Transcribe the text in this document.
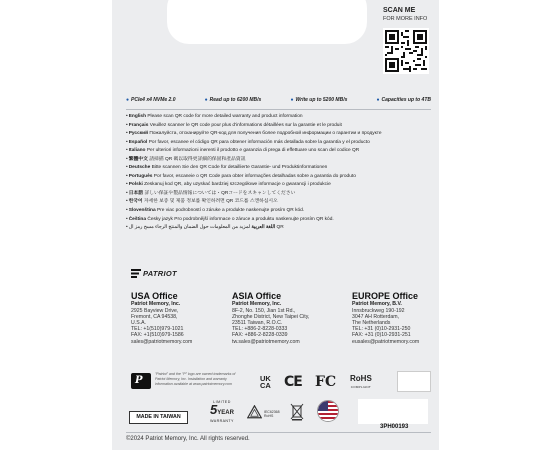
SCAN ME
FOR MORE INFO
● PCIe4 x4 NVMe 2.0	● Read up to 6200 MB/s	● Write up to 5200 MB/s	● Capacities up to 4TB
•English Please scan QR code for more detailed warranty and product information
•Français Veuillez scanner le QR code pour plus d'informations détaillées sur la garantie et le produit
•Русский Пожалуйста, отсканируйте QR-код для получения более подробной информации о гарантии и продукте
•Español Por favor, escanee el código QR para obtener información más detallada sobre la garantía y el producto
•Italiano Per ulteriori informazioni inerenti il prodotto e garanzia di prega di effettuare uno scan del codice QR
•繁體中文 請掃描 QR 碼以取得更詳細的保固和產品資訊
•Deutsche Bitte scannen Sie den QR Code für detaillierte Garantie- und Produktinformationen
•Português Por favor, escaneie o QR Code para obter informações detalhadas sobre a garantia do produto
•Polski Zeskanuj kod QR, aby uzyskać bardziej szczegółowe informacje o gwarancji i produkcie
•日本語 詳しい保証や製品情報については・QRコードをスキャンしてください
•한국어 자세한 보증 및 제품 정보를 확인하려면 QR 코드를 스캔하십시오
•Slovenština Pre viac podrobností o záruke a produkte naskenujte prosím QR kód.
•Čeština Česky jazyk Pro podrobnější informace o záruce a produktu naskenujte prosím QR kód.
•	اللغة العربية لمزيد من المعلومات حول الضمان والمنتج الرجاء مسح رمز ال QR
PATRIOT
USA Office
Patriot Memory, Inc.
2925 Bayview Drive,
Fremont, CA 94538,
U.S.A.
TEL: +1(510)979-1021
FAX: +1(510)979-1586
sales@patriotmemory.com
ASIA Office
Patriot Memory, Inc.
8F-2, No. 150, Jian 1st Rd.,
Zhonghe District, New Taipei City,
23511 Taiwan, R.O.C.
TEL: +886-2-8228-0333
FAX: +886-2-8228-0339
tw.sales@patriotmemory.com
EUROPE Office
Patriot Memory, B.V.
Innsbruckweg 190-192
3047 AH Rotterdam,
The Netherlands
TEL: +31 (0)10-2931-250
FAX: +31 (0)10-2931-251
eusales@patriotmemory.com
P
"Patriot" and the "P" logo are owned trademarks of Patriot Memory, Inc. Installation and warranty information available at www.patriotmemory.com
UK
CA CE FC RoHS
COMPLIANT
MADE IN TAIWAN
LIMITED
5YEAR
WARRANTY
IEC62368
RoHS
3PH00193
©2024 Patriot Memory, Inc. All rights reserved.
